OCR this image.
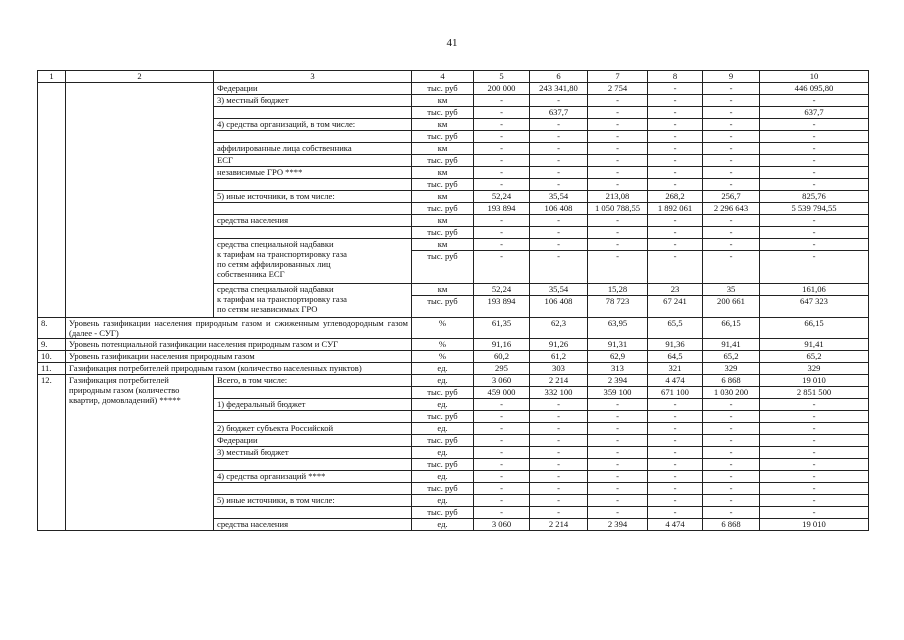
41
1	2	3	4	5	6	7	8	9	10
		Федерации	тыс. руб	200 000	243 341,80	2 754	-	-	446 095,80
		3) местный бюджет	км	-	-	-	-	-	-
			тыс. руб	-	637,7	-	-	-	637,7
		4) средства организаций, в том числе:	км	-	-	-	-	-	-
			тыс. руб	-	-	-	-	-	-
		аффилированные лица собственника	км	-	-	-	-	-	-
		ЕСГ	тыс. руб	-	-	-	-	-	-
		независимые ГРО ****	км	-	-	-	-	-	-
			тыс. руб	-	-	-	-	-	-
		5) иные источники, в том числе:	км	52,24	35,54	213,08	268,2	256,7	825,76
			тыс. руб	193 894	106 408	1 050 788,55	1 892 061	2 296 643	5 539 794,55
		средства населения	км	-	-	-	-	-	-
			тыс. руб	-	-	-	-	-	-

		средства специальной надбавки
к тарифам на транспортировку газа
по сетям аффилированных лиц
собственника ЕСГ	км	-	-	-	-	-	-
			тыс. руб	-	-	-	-	-	-

		средства специальной надбавки
к тарифам на транспортировку газа
по сетям независимых ГРО	км	52,24	35,54	15,28	23	35	161,06
			тыс. руб	193 894	106 408	78 723	67 241	200 661	647 323
8.	Уровень газификации населения природным газом и сжиженным углеводородным газом (далее - СУГ)		%	61,35	62,3	63,95	65,5	66,15	66,15
9.	Уровень потенциальной газификации населения природным газом и СУГ		%	91,16	91,26	91,31	91,36	91,41	91,41
10.	Уровень газификации населения природным газом		%	60,2	61,2	62,9	64,5	65,2	65,2
11.	Газификация потребителей природным газом (количество населенных пунктов)		ед.	295	303	313	321	329	329
12.	Газификация потребителей природным газом (количество квартир, домовладений) *****	Всего, в том числе:	ед.	3 060	2 214	2 394	4 474	6 868	19 010
			тыс. руб	459 000	332 100	359 100	671 100	1 030 200	2 851 500
		1) федеральный бюджет	ед.	-	-	-	-	-	-
			тыс. руб	-	-	-	-	-	-
		2) бюджет субъекта Российской	ед.	-	-	-	-	-	-
		Федерации	тыс. руб	-	-	-	-	-	-
		3) местный бюджет	ед.	-	-	-	-	-	-
			тыс. руб	-	-	-	-	-	-
		4) средства организаций ****	ед.	-	-	-	-	-	-
			тыс. руб	-	-	-	-	-	-
		5) иные источники, в том числе:	ед.	-	-	-	-	-	-
			тыс. руб	-	-	-	-	-	-
		средства населения	ед.	3 060	2 214	2 394	4 474	6 868	19 010
